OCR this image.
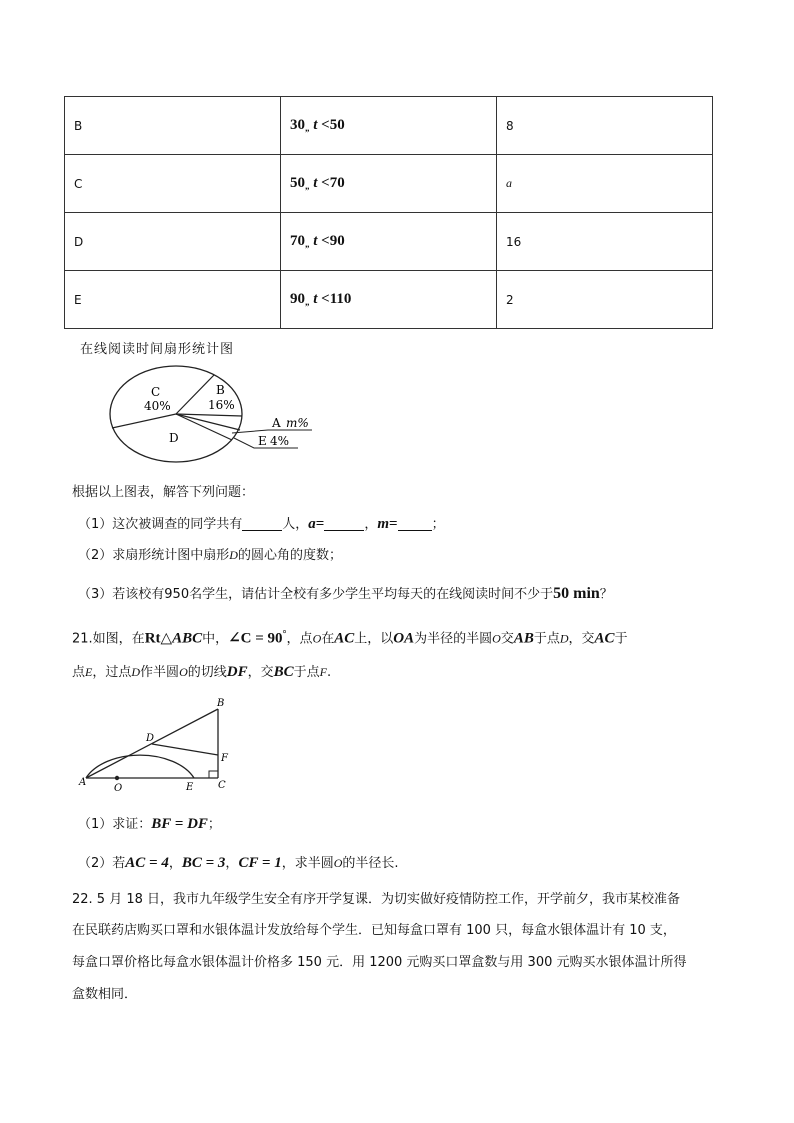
B	$30_„$ t <50	8
C	$50_„$ t <70	a
D	$70_„$ t <90	16
E	$90_„$ t <110	2
在线阅读时间扇形统计图
C
40%
B
16%
A m%
E 4%
D
根据以上图表，解答下列问题：
（1）这次被调查的同学共有	人，a=	，m=	；
（2）求扇形统计图中扇形D的圆心角的度数；
（3）若该校有950名学生，请估计全校有多少学生平均每天的在线阅读时间不少于50 min？
21.如图，在Rt△ABC中，∠C = 90°，点O在AC上，以OA为半径的半圆O交AB于点D，交AC于
点E，过点D作半圆O的切线DF，交BC于点F.
A
B
C
D
E
F
O
（1）求证：BF = DF；
（2）若AC = 4，BC = 3，CF = 1，求半圆O的半径长.
22. 5 月 18 日，我市九年级学生安全有序开学复课．为切实做好疫情防控工作，开学前夕，我市某校准备
在民联药店购买口罩和水银体温计发放给每个学生．已知每盒口罩有 100 只，每盒水银体温计有 10 支，
每盒口罩价格比每盒水银体温计价格多 150 元．用 1200 元购买口罩盒数与用 300 元购买水银体温计所得
盒数相同．
